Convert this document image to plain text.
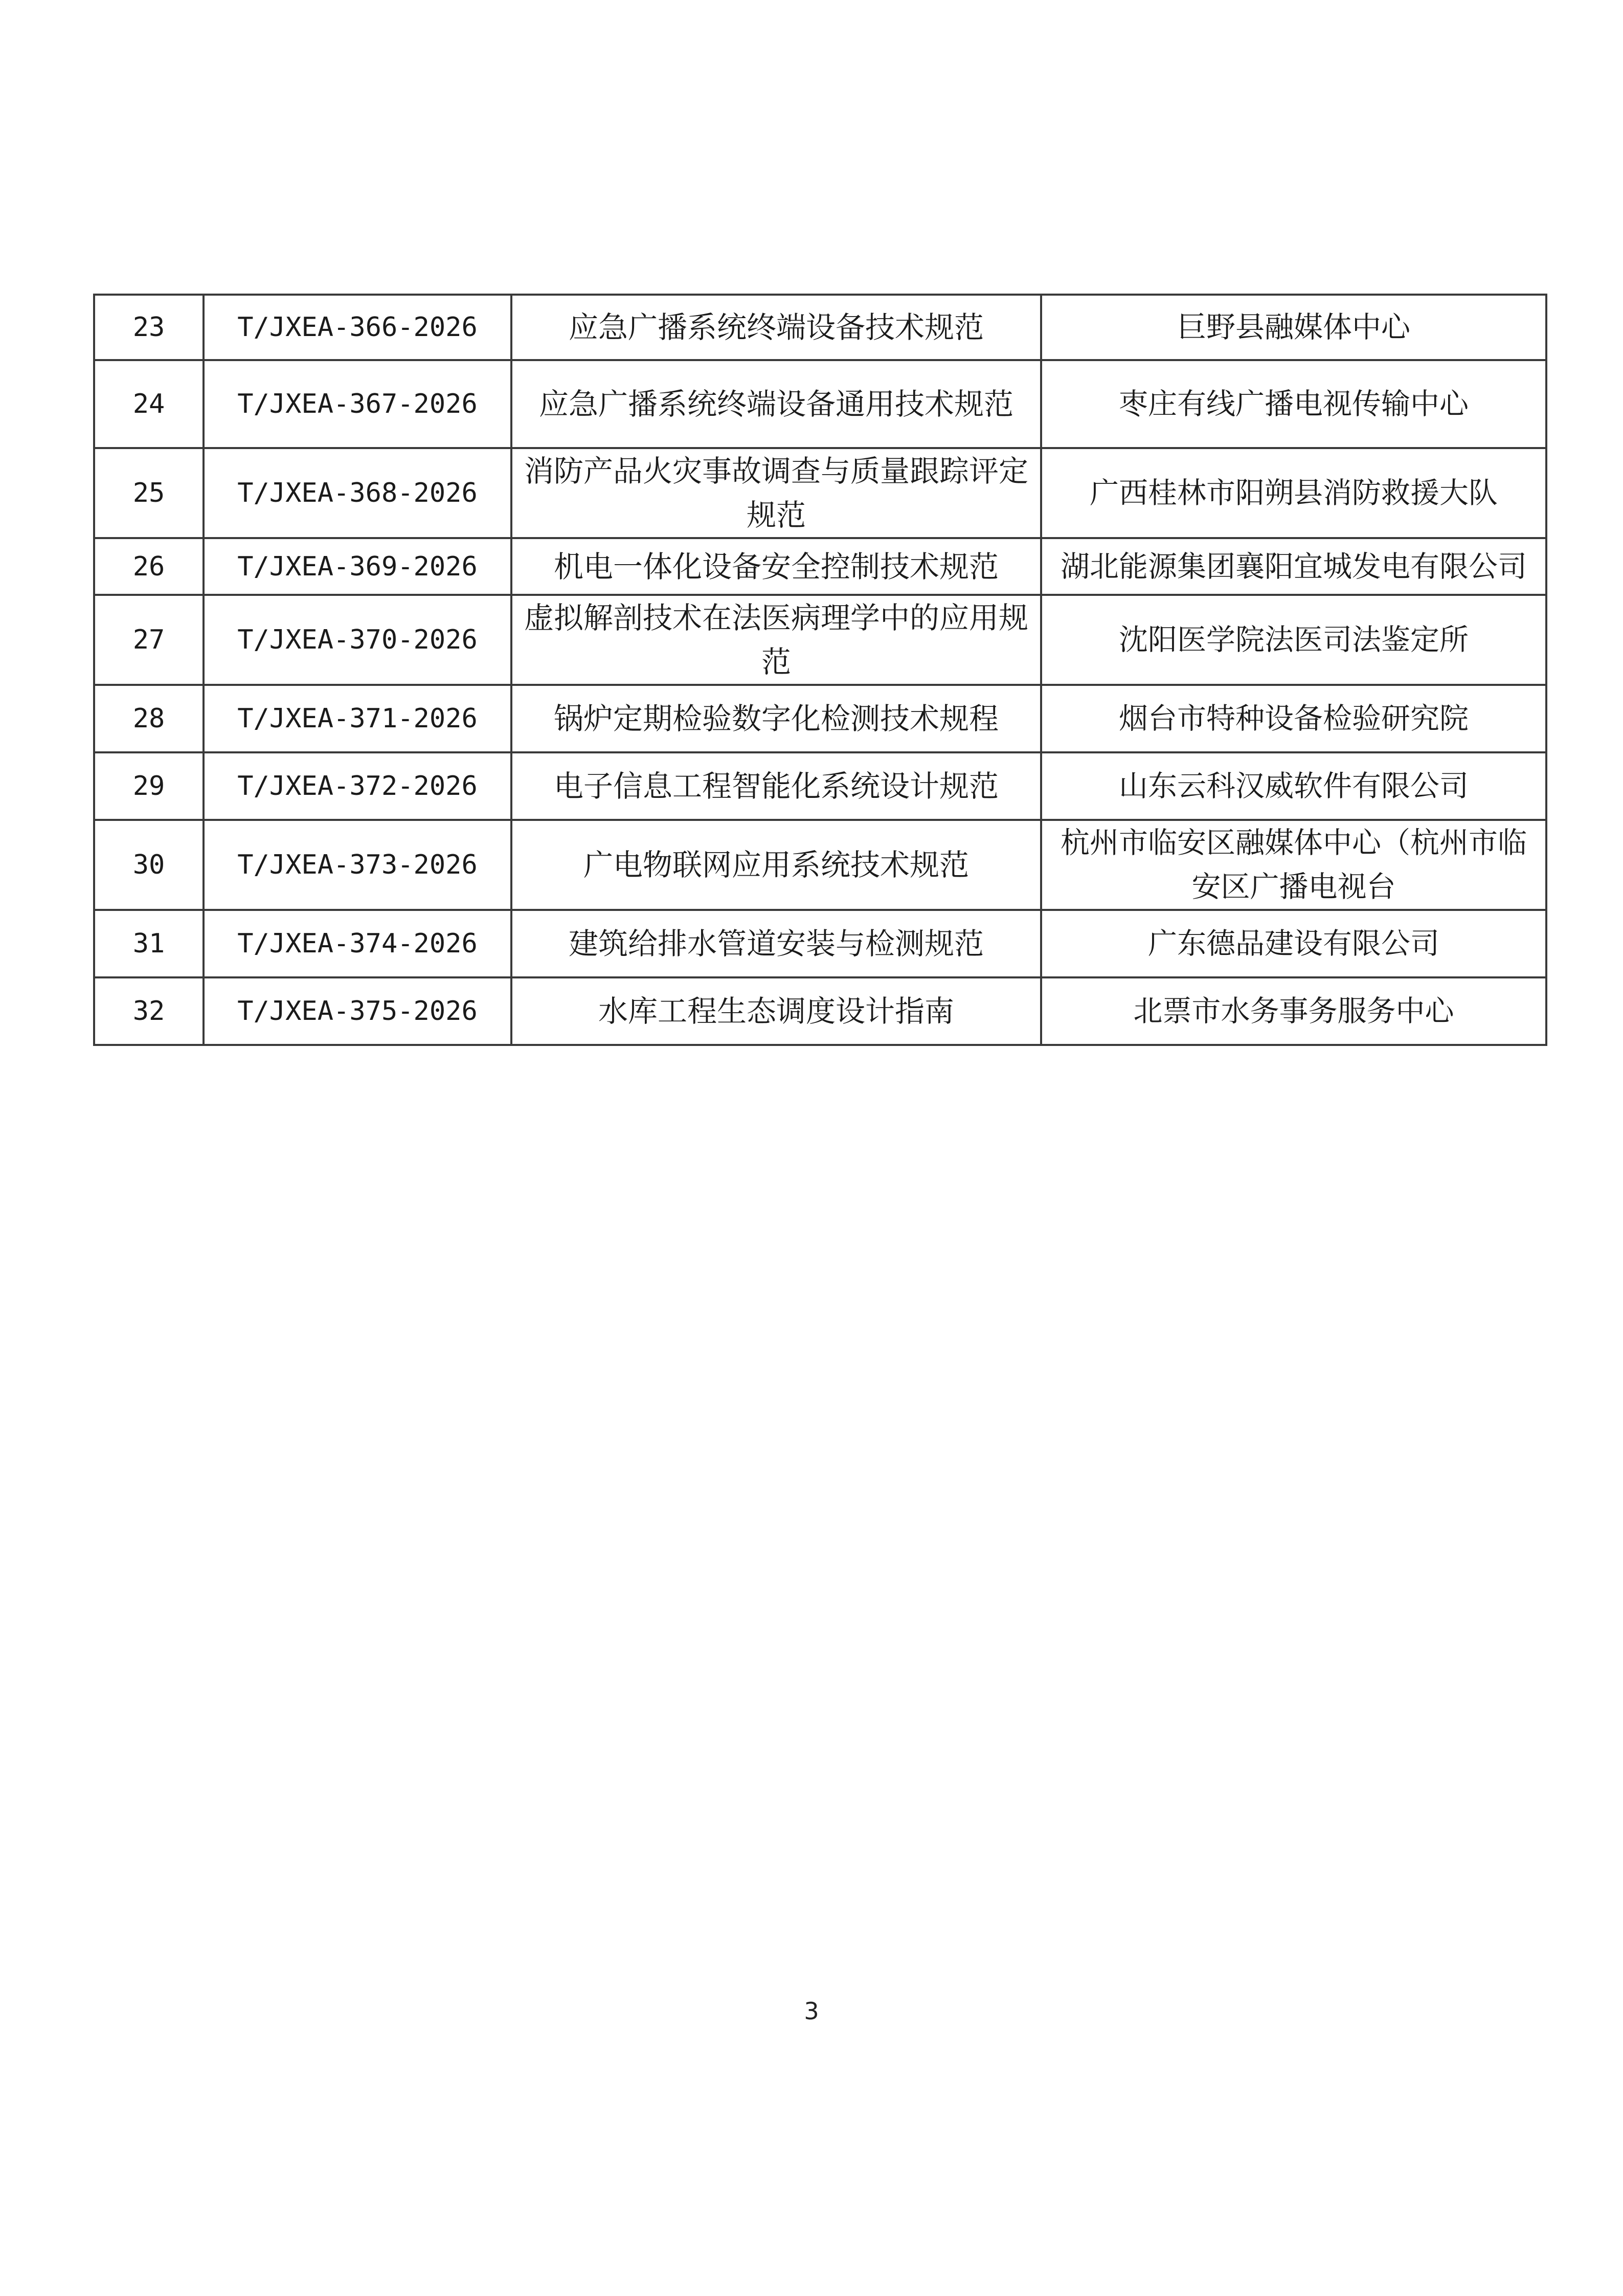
23	T/JXEA-366-2026	应急广播系统终端设备技术规范	巨野县融媒体中心
24	T/JXEA-367-2026	应急广播系统终端设备通用技术规范	枣庄有线广播电视传输中心
25	T/JXEA-368-2026	消防产品火灾事故调查与质量跟踪评定规范	广西桂林市阳朔县消防救援大队
26	T/JXEA-369-2026	机电一体化设备安全控制技术规范	湖北能源集团襄阳宜城发电有限公司
27	T/JXEA-370-2026	虚拟解剖技术在法医病理学中的应用规范	沈阳医学院法医司法鉴定所
28	T/JXEA-371-2026	锅炉定期检验数字化检测技术规程	烟台市特种设备检验研究院
29	T/JXEA-372-2026	电子信息工程智能化系统设计规范	山东云科汉威软件有限公司
30	T/JXEA-373-2026	广电物联网应用系统技术规范	杭州市临安区融媒体中心（杭州市临安区广播电视台
31	T/JXEA-374-2026	建筑给排水管道安装与检测规范	广东德品建设有限公司
32	T/JXEA-375-2026	水库工程生态调度设计指南	北票市水务事务服务中心
3
